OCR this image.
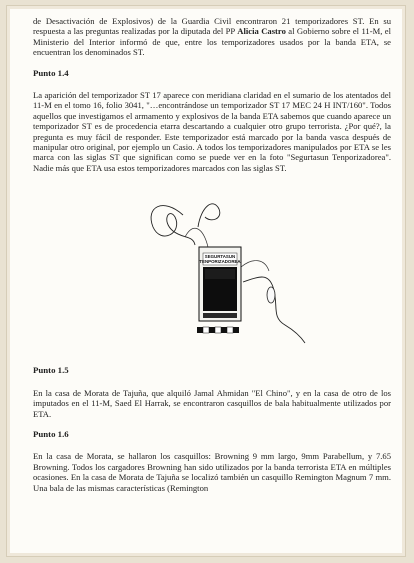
de Desactivación de Explosivos) de la Guardia Civil encontraron 21 temporizadores ST. En su respuesta a las preguntas realizadas por la diputada del PP Alicia Castro al Gobierno sobre el 11-M, el Ministerio del Interior informó de que, entre los temporizadores usados por la banda ETA, se encuentran los denominados ST.

Punto 1.4

La aparición del temporizador ST 17 aparece con meridiana claridad en el sumario de los atentados del 11-M en el tomo 16, folio 3041, "…encontrándose un temporizador ST 17 MEC 24 H INT/160". Todos aquellos que investigamos el armamento y explosivos de la banda ETA sabemos que cuando aparece un temporizador ST es de procedencia etarra descartando a cualquier otro grupo terrorista. ¿Por qué?, la pregunta es muy fácil de responder. Este temporizador está marcado por la banda vasca después de manipular otro original, por ejemplo un Casio. A todos los temporizadores manipulados por ETA se les marca con las siglas ST que significan como se puede ver en la foto "Segurtasun Tenporizadorea". Nadie más que ETA usa estos temporizadores marcados con las siglas ST.

SEGURTASUN
TENPORIZADOREA

Punto 1.5

En la casa de Morata de Tajuña, que alquiló Jamal Ahmidan "El Chino", y en la casa de otro de los imputados en el 11-M, Saed El Harrak, se encontraron casquillos de bala habitualmente utilizados por ETA.

Punto 1.6

En la casa de Morata, se hallaron los casquillos: Browning 9 mm largo, 9mm Parabellum, y 7.65 Browning. Todos los cargadores Browning han sido utilizados por la banda terrorista ETA en múltiples ocasiones. En la casa de Morata de Tajuña se localizó también un casquillo Remington Magnum 7 mm. Una bala de las mismas características (Remington
